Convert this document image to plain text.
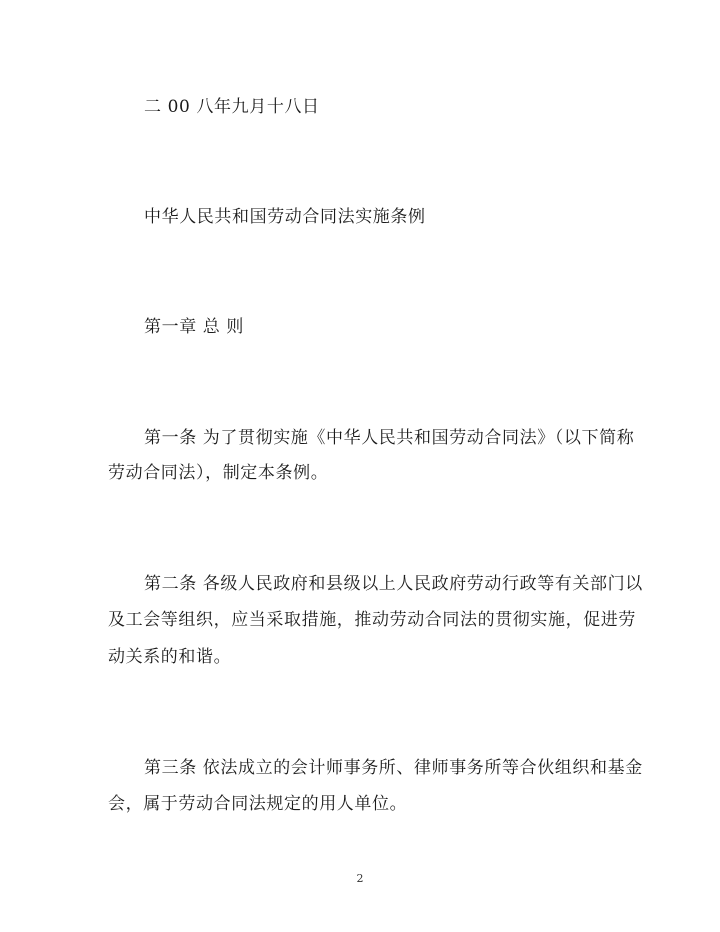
二 00 八年九月十八日
中华人民共和国劳动合同法实施条例
第一章 总 则
第一条 为了贯彻实施《中华人民共和国劳动合同法》（以下简称
劳动合同法），制定本条例。
第二条 各级人民政府和县级以上人民政府劳动行政等有关部门以
及工会等组织，应当采取措施，推动劳动合同法的贯彻实施，促进劳
动关系的和谐。
第三条 依法成立的会计师事务所、律师事务所等合伙组织和基金
会，属于劳动合同法规定的用人单位。
2
